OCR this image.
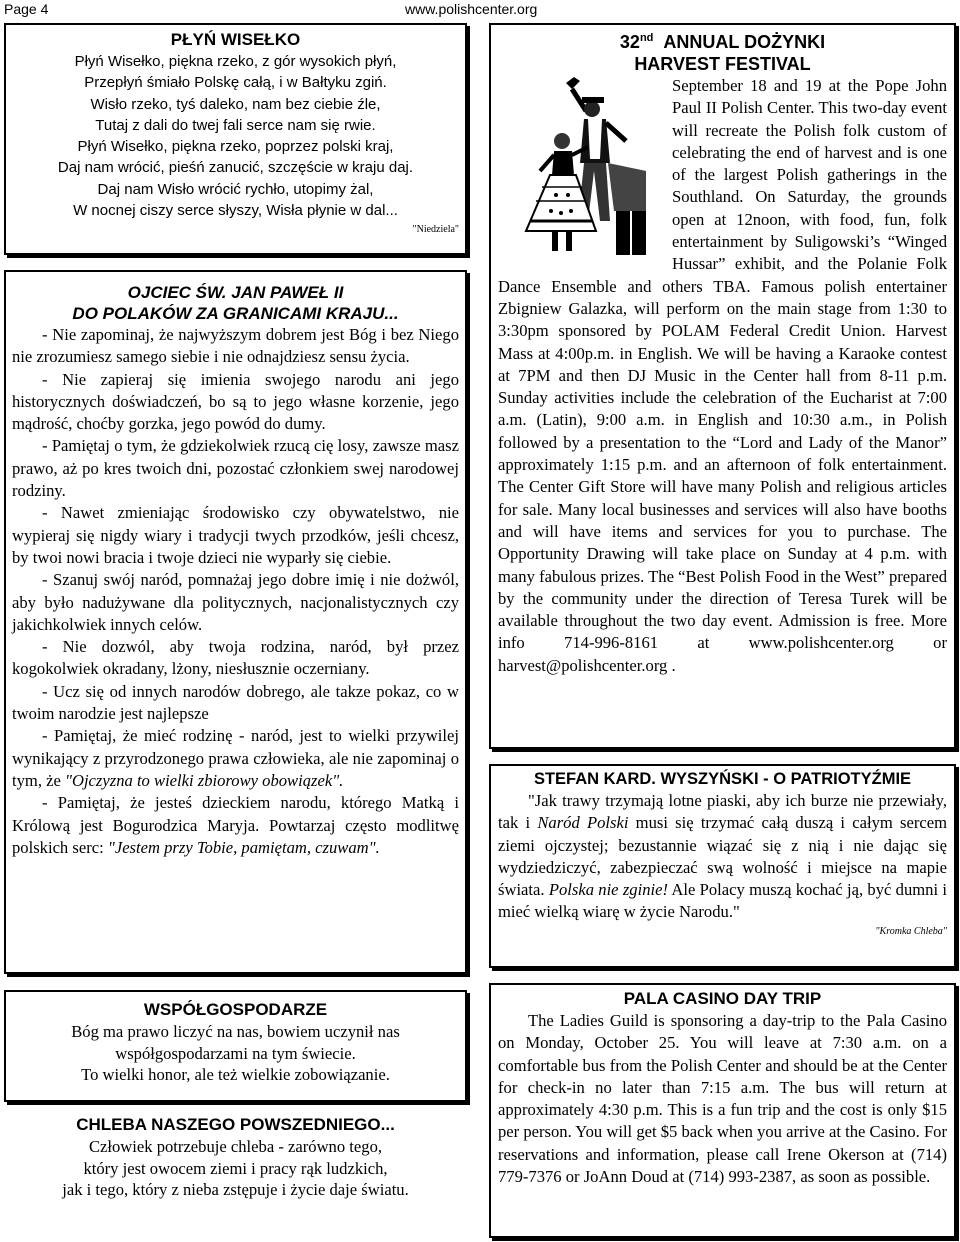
Page 4	www.polishcenter.org
PŁYŃ WISEŁKO
Płyń Wisełko, piękna rzeko, z gór wysokich płyń,
Przepłyń śmiało Polskę całą, i w Bałtyku zgiń.
Wisło rzeko, tyś daleko, nam bez ciebie źle,
Tutaj z dali do twej fali serce nam się rwie.
Płyń Wisełko, piękna rzeko, poprzez polski kraj,
Daj nam wrócić, pieśń zanucić, szczęście w kraju daj.
Daj nam Wisło wrócić rychło, utopimy żal,
W nocnej ciszy serce słyszy, Wisła płynie w dal...
"Niedziela"
OJCIEC ŚW. JAN PAWEŁ II
DO POLAKÓW ZA GRANICAMI KRAJU...

- Nie zapominaj, że najwyższym dobrem jest Bóg i bez Niego nie zrozumiesz samego siebie i nie odnajdziesz sensu życia.

- Nie zapieraj się imienia swojego narodu ani jego historycznych doświadczeń, bo są to jego własne korzenie, jego mądrość, choćby gorzka, jego powód do dumy.

- Pamiętaj o tym, że gdziekolwiek rzucą cię losy, zawsze masz prawo, aż po kres twoich dni, pozostać członkiem swej narodowej rodziny.

- Nawet zmieniając środowisko czy obywatelstwo, nie wypieraj się nigdy wiary i tradycji twych przodków, jeśli chcesz, by twoi nowi bracia i twoje dzieci nie wyparły się ciebie.

- Szanuj swój naród, pomnażaj jego dobre imię i nie dożwól, aby było nadużywane dla politycznych, nacjonalistycznych czy jakichkolwiek innych celów.

- Nie dozwól, aby twoja rodzina, naród, był przez kogokolwiek okradany, lżony, niesłusznie oczerniany.

- Ucz się od innych narodów dobrego, ale takze pokaz, co w twoim narodzie jest najlepsze

- Pamiętaj, że mieć rodzinę - naród, jest to wielki przywilej wynikający z przyrodzonego prawa człowieka, ale nie zapominaj o tym, że "Ojczyzna to wielki zbiorowy obowiązek".

- Pamiętaj, że jesteś dzieckiem narodu, którego Matką i Królową jest Bogurodzica Maryja. Powtarzaj często modlitwę polskich serc: "Jestem przy Tobie, pamiętam, czuwam".

WSPÓŁGOSPODARZE
Bóg ma prawo liczyć na nas, bowiem uczynił nas
współgospodarzami na tym świecie.
To wielki honor, ale też wielkie zobowiązanie.
CHLEBA NASZEGO POWSZEDNIEGO...
Człowiek potrzebuje chleba - zarówno tego,
który jest owocem ziemi i pracy rąk ludzkich,
jak i tego, który z nieba zstępuje i życie daje światu.
32nd ANNUAL DOŻYNKI
HARVEST FESTIVAL
September 18 and 19 at the Pope John Paul II Polish Center. This two-day event will recreate the Polish folk custom of celebrating the end of harvest and is one of the largest Polish gatherings in the Southland. On Saturday, the grounds open at 12noon, with food, fun, folk entertainment by Suligowski’s “Winged Hussar” exhibit, and the Polanie Folk Dance Ensemble and others TBA. Famous polish entertainer Zbigniew Galazka, will perform on the main stage from 1:30 to 3:30pm sponsored by POLAM Federal Credit Union. Harvest Mass at 4:00p.m. in English. We will be having a Karaoke contest at 7PM and then DJ Music in the Center hall from 8-11 p.m. Sunday activities include the celebration of the Eucharist at 7:00 a.m. (Latin), 9:00 a.m. in English and 10:30 a.m., in Polish followed by a presentation to the “Lord and Lady of the Manor” approximately 1:15 p.m. and an afternoon of folk entertainment. The Center Gift Store will have many Polish and religious articles for sale. Many local businesses and services will also have booths and will have items and services for you to purchase. The Opportunity Drawing will take place on Sunday at 4 p.m. with many fabulous prizes. The “Best Polish Food in the West” prepared by the community under the direction of Teresa Turek will be available throughout the two day event. Admission is free. More info 714-996-8161 at www.polishcenter.org or harvest@polishcenter.org .
STEFAN KARD. WYSZYŃSKI - O PATRIOTYŹMIE

"Jak trawy trzymają lotne piaski, aby ich burze nie przewiały, tak i Naród Polski musi się trzymać całą duszą i całym sercem ziemi ojczystej; bezustannie wiązać się z nią i nie dając się wydziedziczyć, zabezpieczać swą wolność i miejsce na mapie świata. Polska nie zginie! Ale Polacy muszą kochać ją, być dumni i mieć wielką wiarę w życie Narodu."

"Kromka Chleba"
PALA CASINO DAY TRIP

The Ladies Guild is sponsoring a day-trip to the Pala Casino on Monday, October 25. You will leave at 7:30 a.m. on a comfortable bus from the Polish Center and should be at the Center for check-in no later than 7:15 a.m. The bus will return at approximately 4:30 p.m. This is a fun trip and the cost is only $15 per person. You will get $5 back when you arrive at the Casino. For reservations and information, please call Irene Okerson at (714) 779-7376 or JoAnn Doud at (714) 993-2387, as soon as possible.
